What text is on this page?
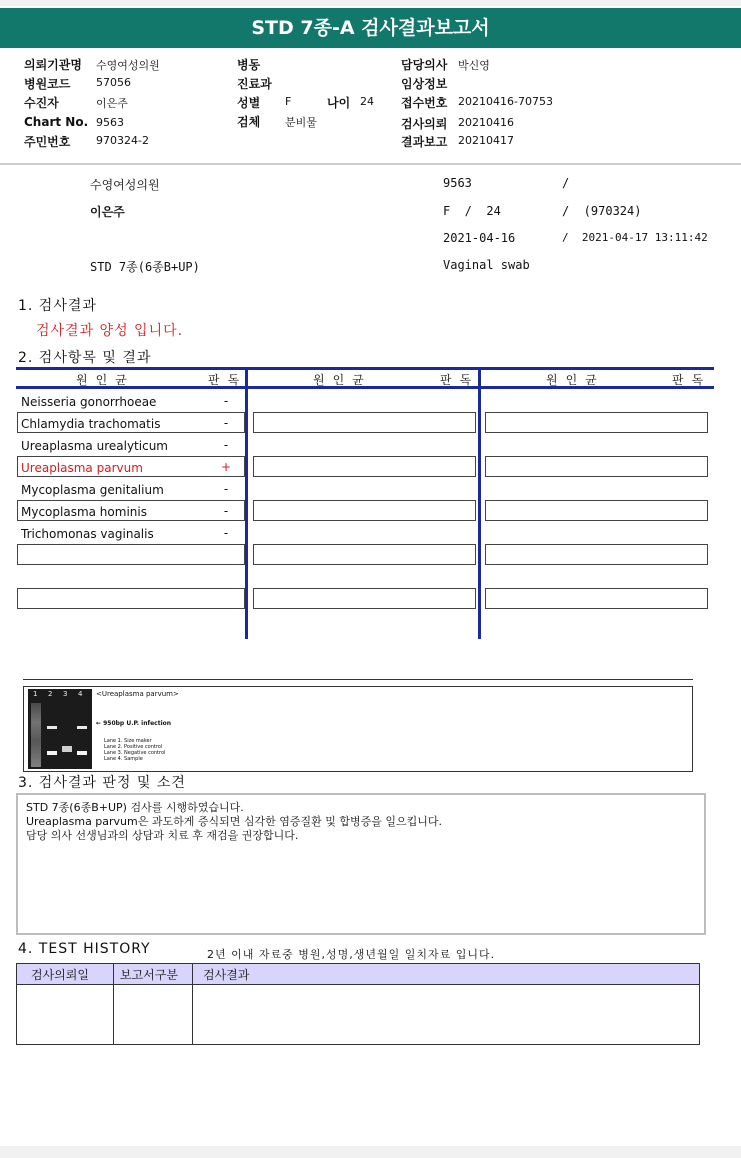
STD 7종-A 검사결과보고서
의뢰기관명 수영여성의원
병원코드 57056
수진자	이은주
Chart No. 9563
주민번호 970324-2
병동
진료과
성별 F	나이 24
검체 분비물
담당의사 박신영
임상정보
접수번호 20210416-70753
검사의뢰 20210416
결과보고 20210417
수영여성의원	9563	/
이은주	F  /  24	/  (970324)
2021-04-16	/  2021-04-17 13:11:42
STD 7종(6종B+UP)	Vaginal swab
1. 검사결과
검사결과 양성 입니다.
2. 검사항목 및 결과
원인균	판독	원인균	판독	원인균	판독
Neisseria gonorrhoeae	-
Chlamydia trachomatis	-
Ureaplasma urealyticum	-
Ureaplasma parvum	+
Mycoplasma genitalium	-
Mycoplasma hominis	-
Trichomonas vaginalis	-
1 2 3 4 <Ureaplasma parvum>
← 950bp U.P. infection
Lane 1. Size maker
Lane 2. Positive control
Lane 3. Negative control
Lane 4. Sample
3. 검사결과 판정 및 소견
STD 7종(6종B+UP) 검사를 시행하였습니다.
Ureaplasma parvum은 과도하게 증식되면 심각한 염증질환 및 합병증을 일으킵니다.
담당 의사 선생님과의 상담과 치료 후 재검을 권장합니다.
4. TEST HISTORY	2년 이내 자료중 병원,성명,생년월일 일치자료 입니다.
검사의뢰일	보고서구분	검사결과
